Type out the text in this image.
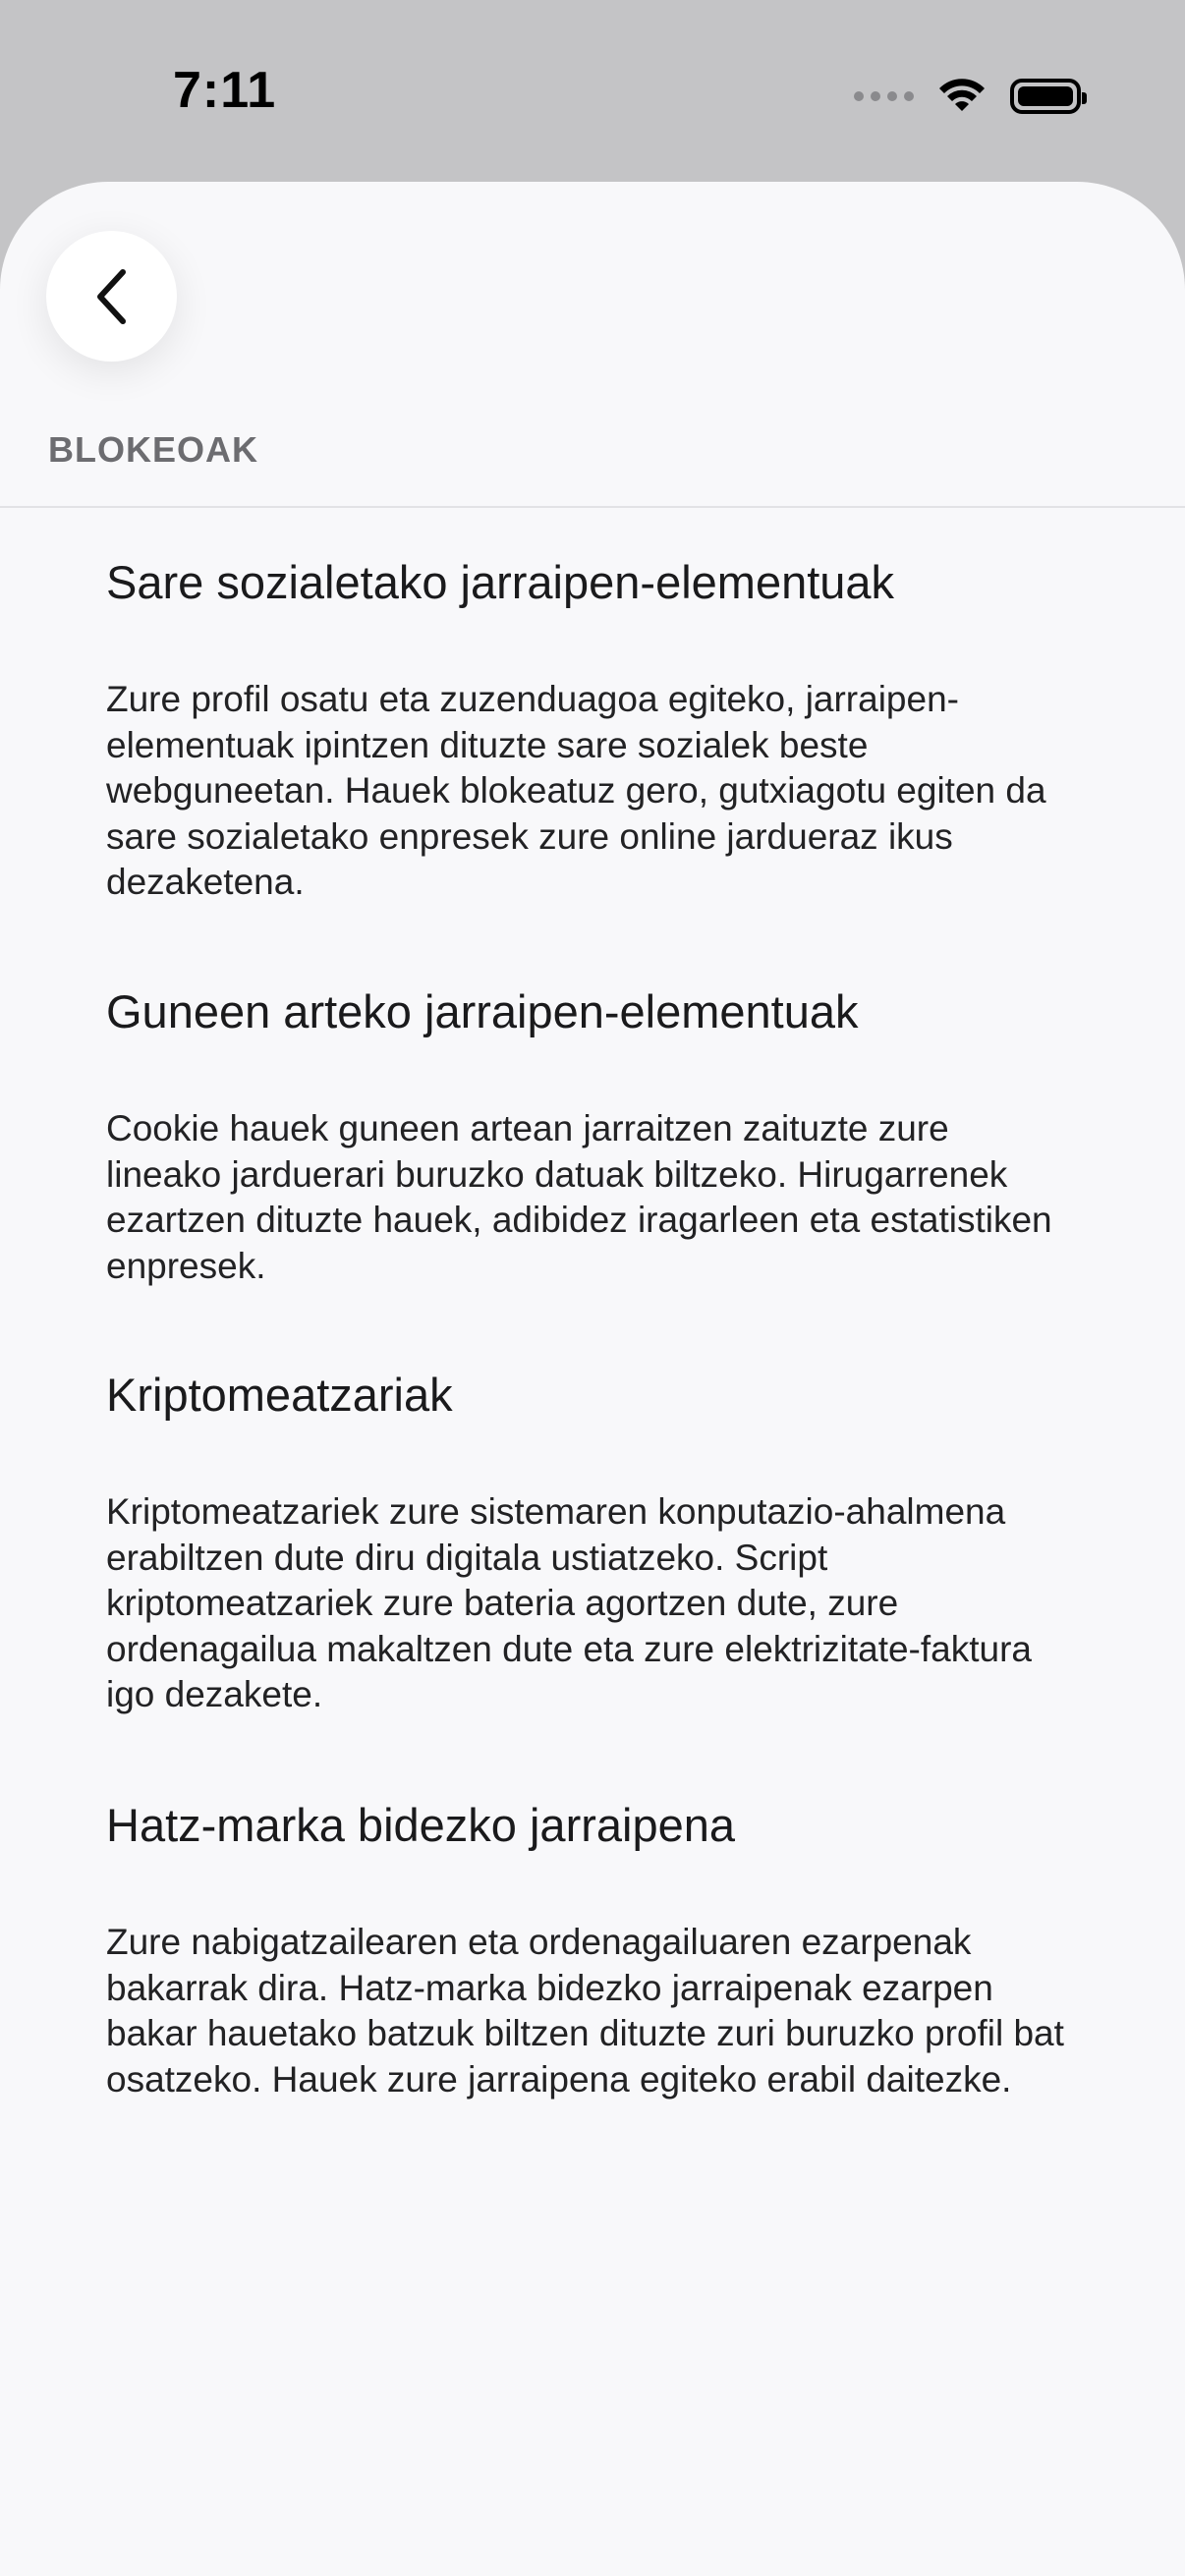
7:11
BLOKEOAK

Sare sozialetako jarraipen-elementuak

Zure profil osatu eta zuzenduagoa egiteko, jarraipen-elementuak ipintzen dituzte sare sozialek beste webguneetan. Hauek blokeatuz gero, gutxiagotu egiten da sare sozialetako enpresek zure online jardueraz ikus dezaketena.

Guneen arteko jarraipen-elementuak

Cookie hauek guneen artean jarraitzen zaituzte zure lineako jarduerari buruzko datuak biltzeko. Hirugarrenek ezartzen dituzte hauek, adibidez iragarleen eta estatistiken enpresek.

Kriptomeatzariak

Kriptomeatzariek zure sistemaren konputazio-ahalmena erabiltzen dute diru digitala ustiatzeko. Script kriptomeatzariek zure bateria agortzen dute, zure ordenagailua makaltzen dute eta zure elektrizitate-faktura igo dezakete.

Hatz-marka bidezko jarraipena

Zure nabigatzailearen eta ordenagailuaren ezarpenak bakarrak dira. Hatz-marka bidezko jarraipenak ezarpen bakar hauetako batzuk biltzen dituzte zuri buruzko profil bat osatzeko. Hauek zure jarraipena egiteko erabil daitezke.
